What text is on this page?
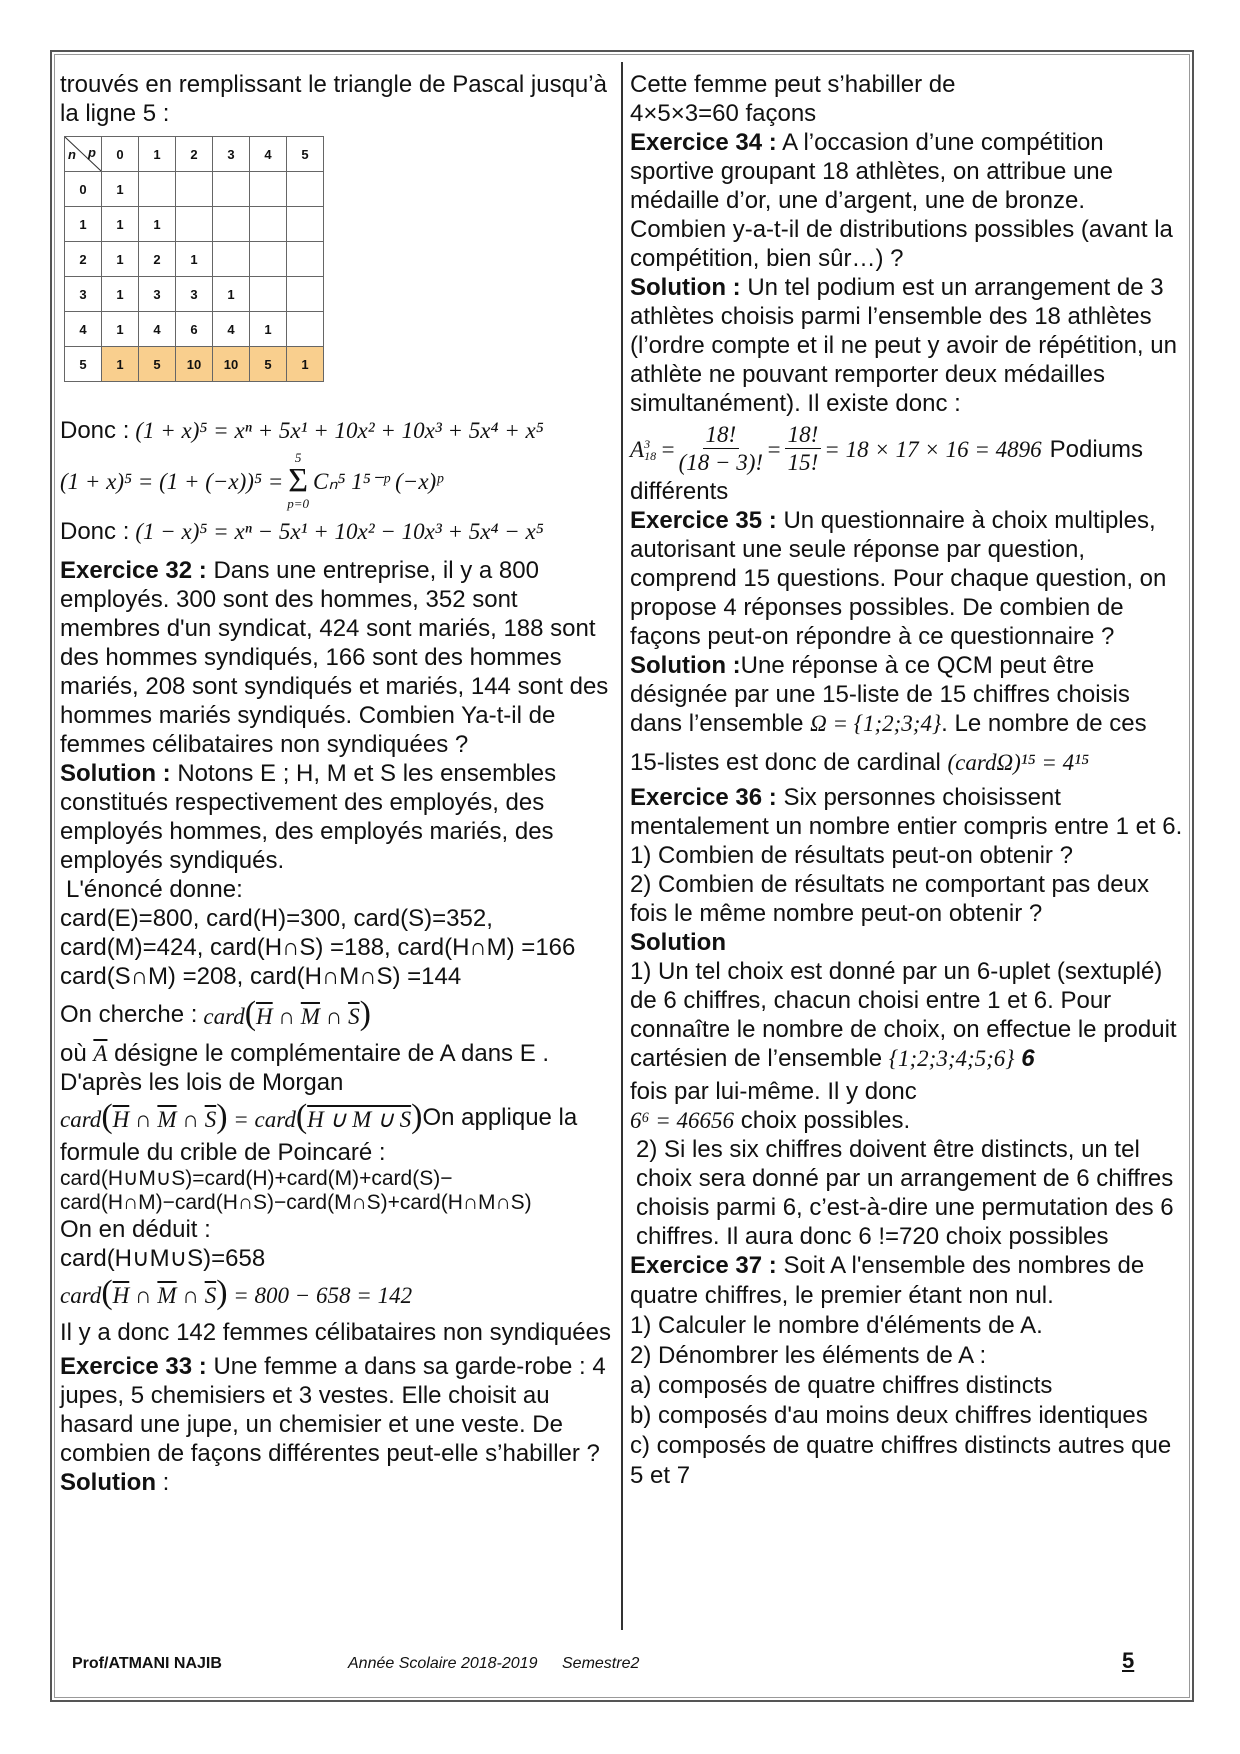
trouvés en remplissant le triangle de Pascal jusqu’à la ligne 5 :

p
n	0	1	2	3	4	5
0	1					
1	1	1				
2	1	2	1			
3	1	3	3	1		
4	1	4	6	4	1	
5	1	5	10	10	5	1
Donc : (1 + x)⁵ = xⁿ + 5x¹ + 10x² + 10x³ + 5x⁴ + x⁵
(1 + x)⁵ = (1 + (−x))⁵ =
5
Σ
p=0
Cₙ⁵ 1⁵⁻ᵖ (−x)ᵖ
Donc : (1 − x)⁵ = xⁿ − 5x¹ + 10x² − 10x³ + 5x⁴ − x⁵

Exercice 32 : Dans une entreprise, il y a 800 employés. 300 sont des hommes, 352 sont membres d'un syndicat, 424 sont mariés, 188 sont des hommes syndiqués, 166 sont des hommes mariés, 208 sont syndiqués et mariés, 144 sont des hommes mariés syndiqués. Combien Ya-t-il de femmes célibataires non syndiquées ?

Solution : Notons E ; H, M et S les ensembles constitués respectivement des employés, des employés hommes, des employés mariés, des employés syndiqués.

L'énoncé donne:

card(E)=800, card(H)=300, card(S)=352,

card(M)=424, card(H∩S) =188, card(H∩M) =166

card(S∩M) =208, card(H∩M∩S) =144

On cherche : $card(\overline{H}$ ∩ $\overline{M}$ ∩ $\overline{S}$)

où $\overline{A}$ désigne le complémentaire de A dans E .

D'après les lois de Morgan

$card(\overline{H}$ ∩ $\overline{M}$ ∩ $\overline{S}$) = card(H ∪ M ∪ S) On applique la

formule du crible de Poincaré :

card(H∪M∪S)=card(H)+card(M)+card(S)−

card(H∩M)−card(H∩S)−card(M∩S)+card(H∩M∩S)

On en déduit :

card(H∪M∪S)=658

$card(\overline{H}$ ∩ $\overline{M}$ ∩ $\overline{S}) = 800 - 658 = 142$

Il y a donc 142 femmes célibataires non syndiquées

Exercice 33 : Une femme a dans sa garde-robe : 4 jupes, 5 chemisiers et 3 vestes. Elle choisit au hasard une jupe, un chemisier et une veste. De combien de façons différentes peut-elle s’habiller ?

Solution :

Cette femme peut s’habiller de

4×5×3=60 façons

Exercice 34 : A l’occasion d’une compétition sportive groupant 18 athlètes, on attribue une médaille d’or, une d’argent, une de bronze. Combien y-a-t-il de distributions possibles (avant la compétition, bien sûr…) ?

Solution : Un tel podium est un arrangement de 3 athlètes choisis parmi l’ensemble des 18 athlètes (l’ordre compte et il ne peut y avoir de répétition, un athlète ne pouvant remporter deux médailles simultanément). Il existe donc :

A 3
$18 = \frac{18!}{(18 - 3)!} = \frac{18!}{15!} = 18 \times 17 \times 16 = 4896$ Podiums

différents

Exercice 35 : Un questionnaire à choix multiples, autorisant une seule réponse par question, comprend 15 questions. Pour chaque question, on propose 4 réponses possibles. De combien de façons peut-on répondre à ce questionnaire ?

Solution :Une réponse à ce QCM peut être désignée par une 15-liste de 15 chiffres choisis dans l’ensemble Ω = {1;2;3;4}. Le nombre de ces

15-listes est donc de cardinal (cardΩ)¹⁵ = 4¹⁵

Exercice 36 : Six personnes choisissent mentalement un nombre entier compris entre 1 et 6.

1) Combien de résultats peut-on obtenir ?

2) Combien de résultats ne comportant pas deux fois le même nombre peut-on obtenir ?

Solution

1) Un tel choix est donné par un 6-uplet (sextuplé) de 6 chiffres, chacun choisi entre 1 et 6. Pour connaître le nombre de choix, on effectue le produit cartésien de l’ensemble {1;2;3;4;5;6} 6

fois par lui-même. Il y donc

6⁶ = 46656 choix possibles.

2) Si les six chiffres doivent être distincts, un tel choix sera donné par un arrangement de 6 chiffres choisis parmi 6, c’est-à-dire une permutation des 6 chiffres. Il aura donc 6 !=720 choix possibles

Exercice 37 : Soit A l'ensemble des nombres de quatre chiffres, le premier étant non nul.

1) Calculer le nombre d'éléments de A.

2) Dénombrer les éléments de A :

a) composés de quatre chiffres distincts

b) composés d'au moins deux chiffres identiques

c) composés de quatre chiffres distincts autres que 5 et 7

Prof/ATMANI NAJIB	Année Scolaire 2018-2019 Semestre2	5
